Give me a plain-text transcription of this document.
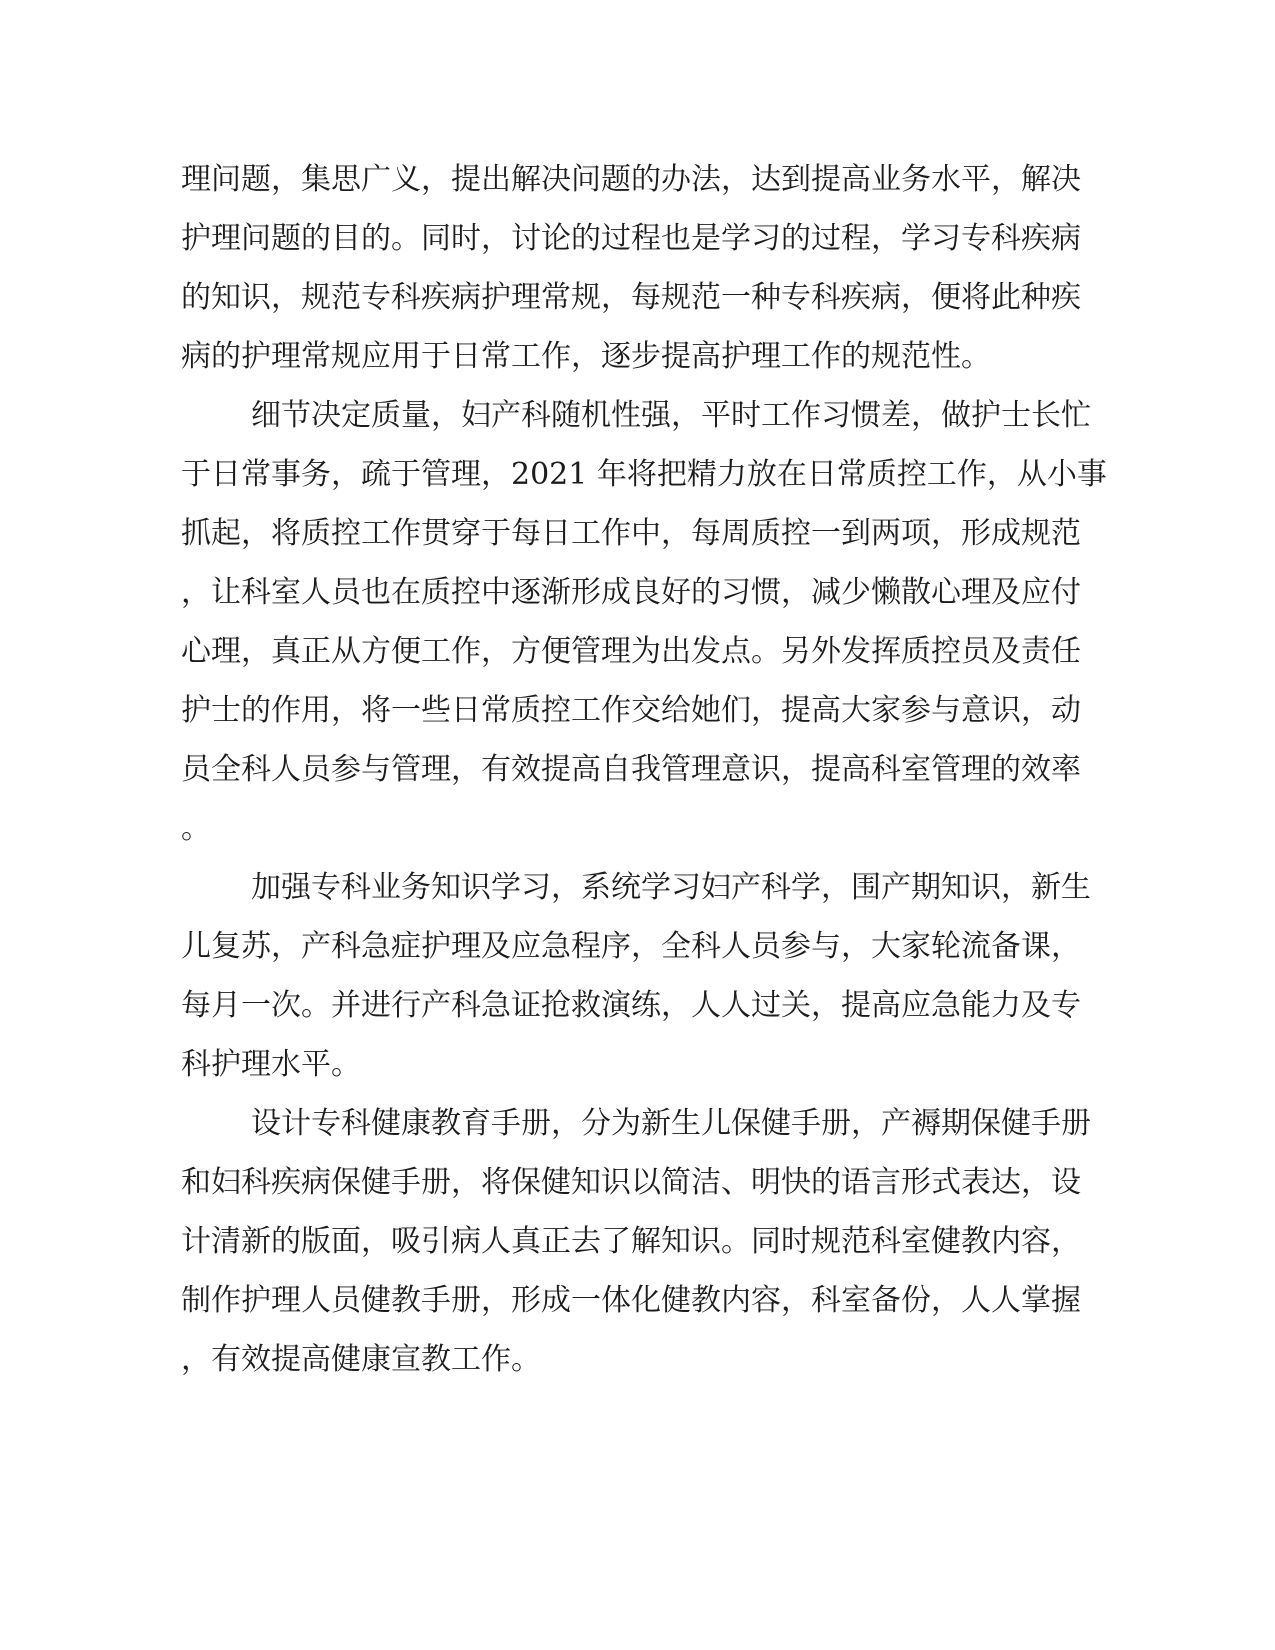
理问题，集思广义，提出解决问题的办法，达到提高业务水平，解决

护理问题的目的。同时，讨论的过程也是学习的过程，学习专科疾病

的知识，规范专科疾病护理常规，每规范一种专科疾病，便将此种疾

病的护理常规应用于日常工作，逐步提高护理工作的规范性。

细节决定质量，妇产科随机性强，平时工作习惯差，做护士长忙

于日常事务，疏于管理，2021 年将把精力放在日常质控工作，从小事

抓起，将质控工作贯穿于每日工作中，每周质控一到两项，形成规范

，让科室人员也在质控中逐渐形成良好的习惯，减少懒散心理及应付

心理，真正从方便工作，方便管理为出发点。另外发挥质控员及责任

护士的作用，将一些日常质控工作交给她们，提高大家参与意识，动

员全科人员参与管理，有效提高自我管理意识，提高科室管理的效率

。

加强专科业务知识学习，系统学习妇产科学，围产期知识，新生

儿复苏，产科急症护理及应急程序，全科人员参与，大家轮流备课，

每月一次。并进行产科急证抢救演练，人人过关，提高应急能力及专

科护理水平。

设计专科健康教育手册，分为新生儿保健手册，产褥期保健手册

和妇科疾病保健手册，将保健知识以简洁、明快的语言形式表达，设

计清新的版面，吸引病人真正去了解知识。同时规范科室健教内容，

制作护理人员健教手册，形成一体化健教内容，科室备份，人人掌握

，有效提高健康宣教工作。
